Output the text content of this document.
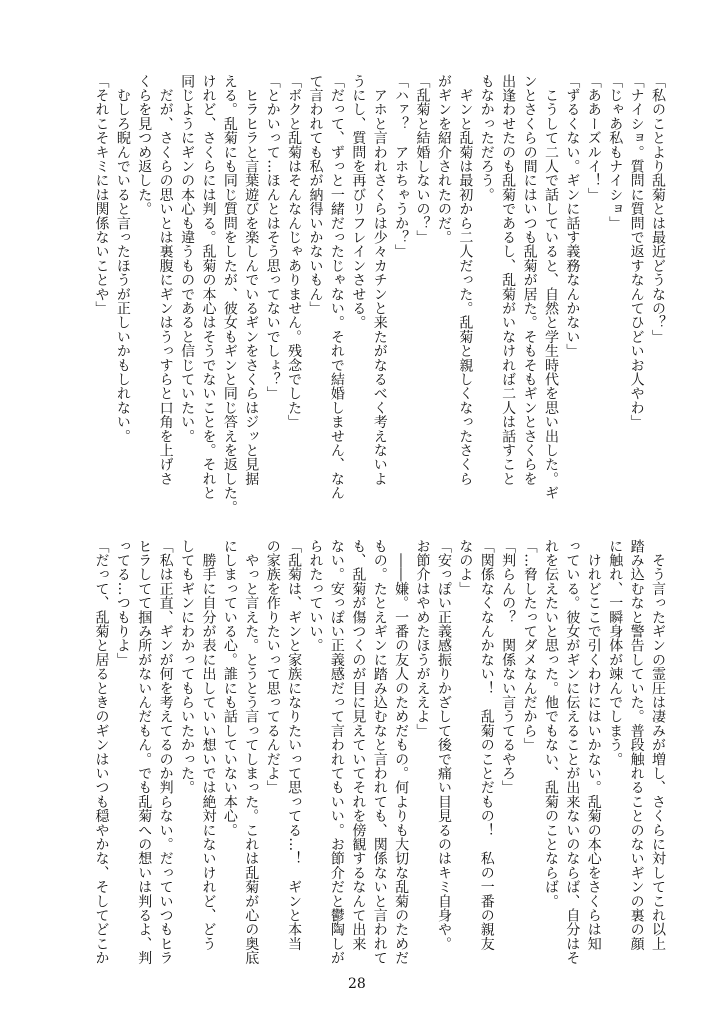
「私のことより乱菊とは最近どうなの？」
「ナイショ。質問に質問で返すなんてひどいお人やわ」
「じゃあ私もナイショ」
「ああーズルイ！」
「ずるくない。ギンに話す義務なんかない」
　こうして二人で話していると、自然と学生時代を思い出した。ギ
ンとさくらの間にはいつも乱菊が居た。そもそもギンとさくらを
出逢わせたのも乱菊であるし、乱菊がいなければ二人は話すこと
もなかっただろう。
　ギンと乱菊は最初から二人だった。乱菊と親しくなったさくら
がギンを紹介されたのだ。
「乱菊と結婚しないの？」
「ハァ？　アホちゃうか？」
　アホと言われさくらは少々カチンと来たがなるべく考えないよ
うにし、質問を再びリフレインさせる。
「だって、ずっと一緒だったじゃない。それで結婚しません、なん
て言われても私が納得いかないもん」
「ボクと乱菊はそんなんじゃありません。残念でした」
「とかいって…ほんとはそう思ってないでしょ？」
　ヒラヒラと言葉遊びを楽しんでいるギンをさくらはジッと見据
える。乱菊にも同じ質問をしたが、彼女もギンと同じ答えを返した。
けれど、さくらには判る。乱菊の本心はそうでないことを。それと
同じようにギンの本心も違うものであると信じていたい。
　だが、さくらの思いとは裏腹にギンはうっすらと口角を上げさ
くらを見つめ返した。
　むしろ睨んでいると言ったほうが正しいかもしれない。
「それこそキミには関係ないことや」
　そう言ったギンの霊圧は凄みが増し、さくらに対してこれ以上
踏み込むなと警告していた。普段触れることのないギンの裏の顔
に触れ、一瞬身体が竦んでしまう。
　けれどここで引くわけにはいかない。乱菊の本心をさくらは知
っている。彼女がギンに伝えることが出来ないのならば、自分はそ
れを伝えたいと思った。他でもない、乱菊のことならば。
「…脅したってダメなんだから」
「判らんの？　関係ない言うてるやろ」
「関係なくなんかない！　乱菊のことだもの！　私の一番の親友
なのよ」
「安っぽい正義感振りかざして後で痛い目見るのはキミ自身や。
お節介はやめたほうがええよ」
　――嫌。一番の友人のためだもの。何よりも大切な乱菊のためだ
もの。たとえギンに踏み込むなと言われても、関係ないと言われて
も、乱菊が傷つくのが目に見えていてそれを傍観するなんて出来
ない。安っぽい正義感だって言われてもいい。お節介だと鬱陶しが
られたっていい。
「乱菊は、ギンと家族になりたいって思ってる…！　ギンと本当
の家族を作りたいって思ってるんだよ」
　やっと言えた。とうとう言ってしまった。これは乱菊が心の奥底
にしまっている心。誰にも話していない本心。
　勝手に自分が表に出していい想いでは絶対にないけれど、どう
してもギンにわかってもらいたかった。
「私は正直、ギンが何を考えてるのか判らない。だっていつもヒラ
ヒラしてて掴み所がないんだもん。でも乱菊への想いは判るよ、判
ってる…つもりよ」
「だって、乱菊と居るときのギンはいつも穏やかな、そしてどこか
28
